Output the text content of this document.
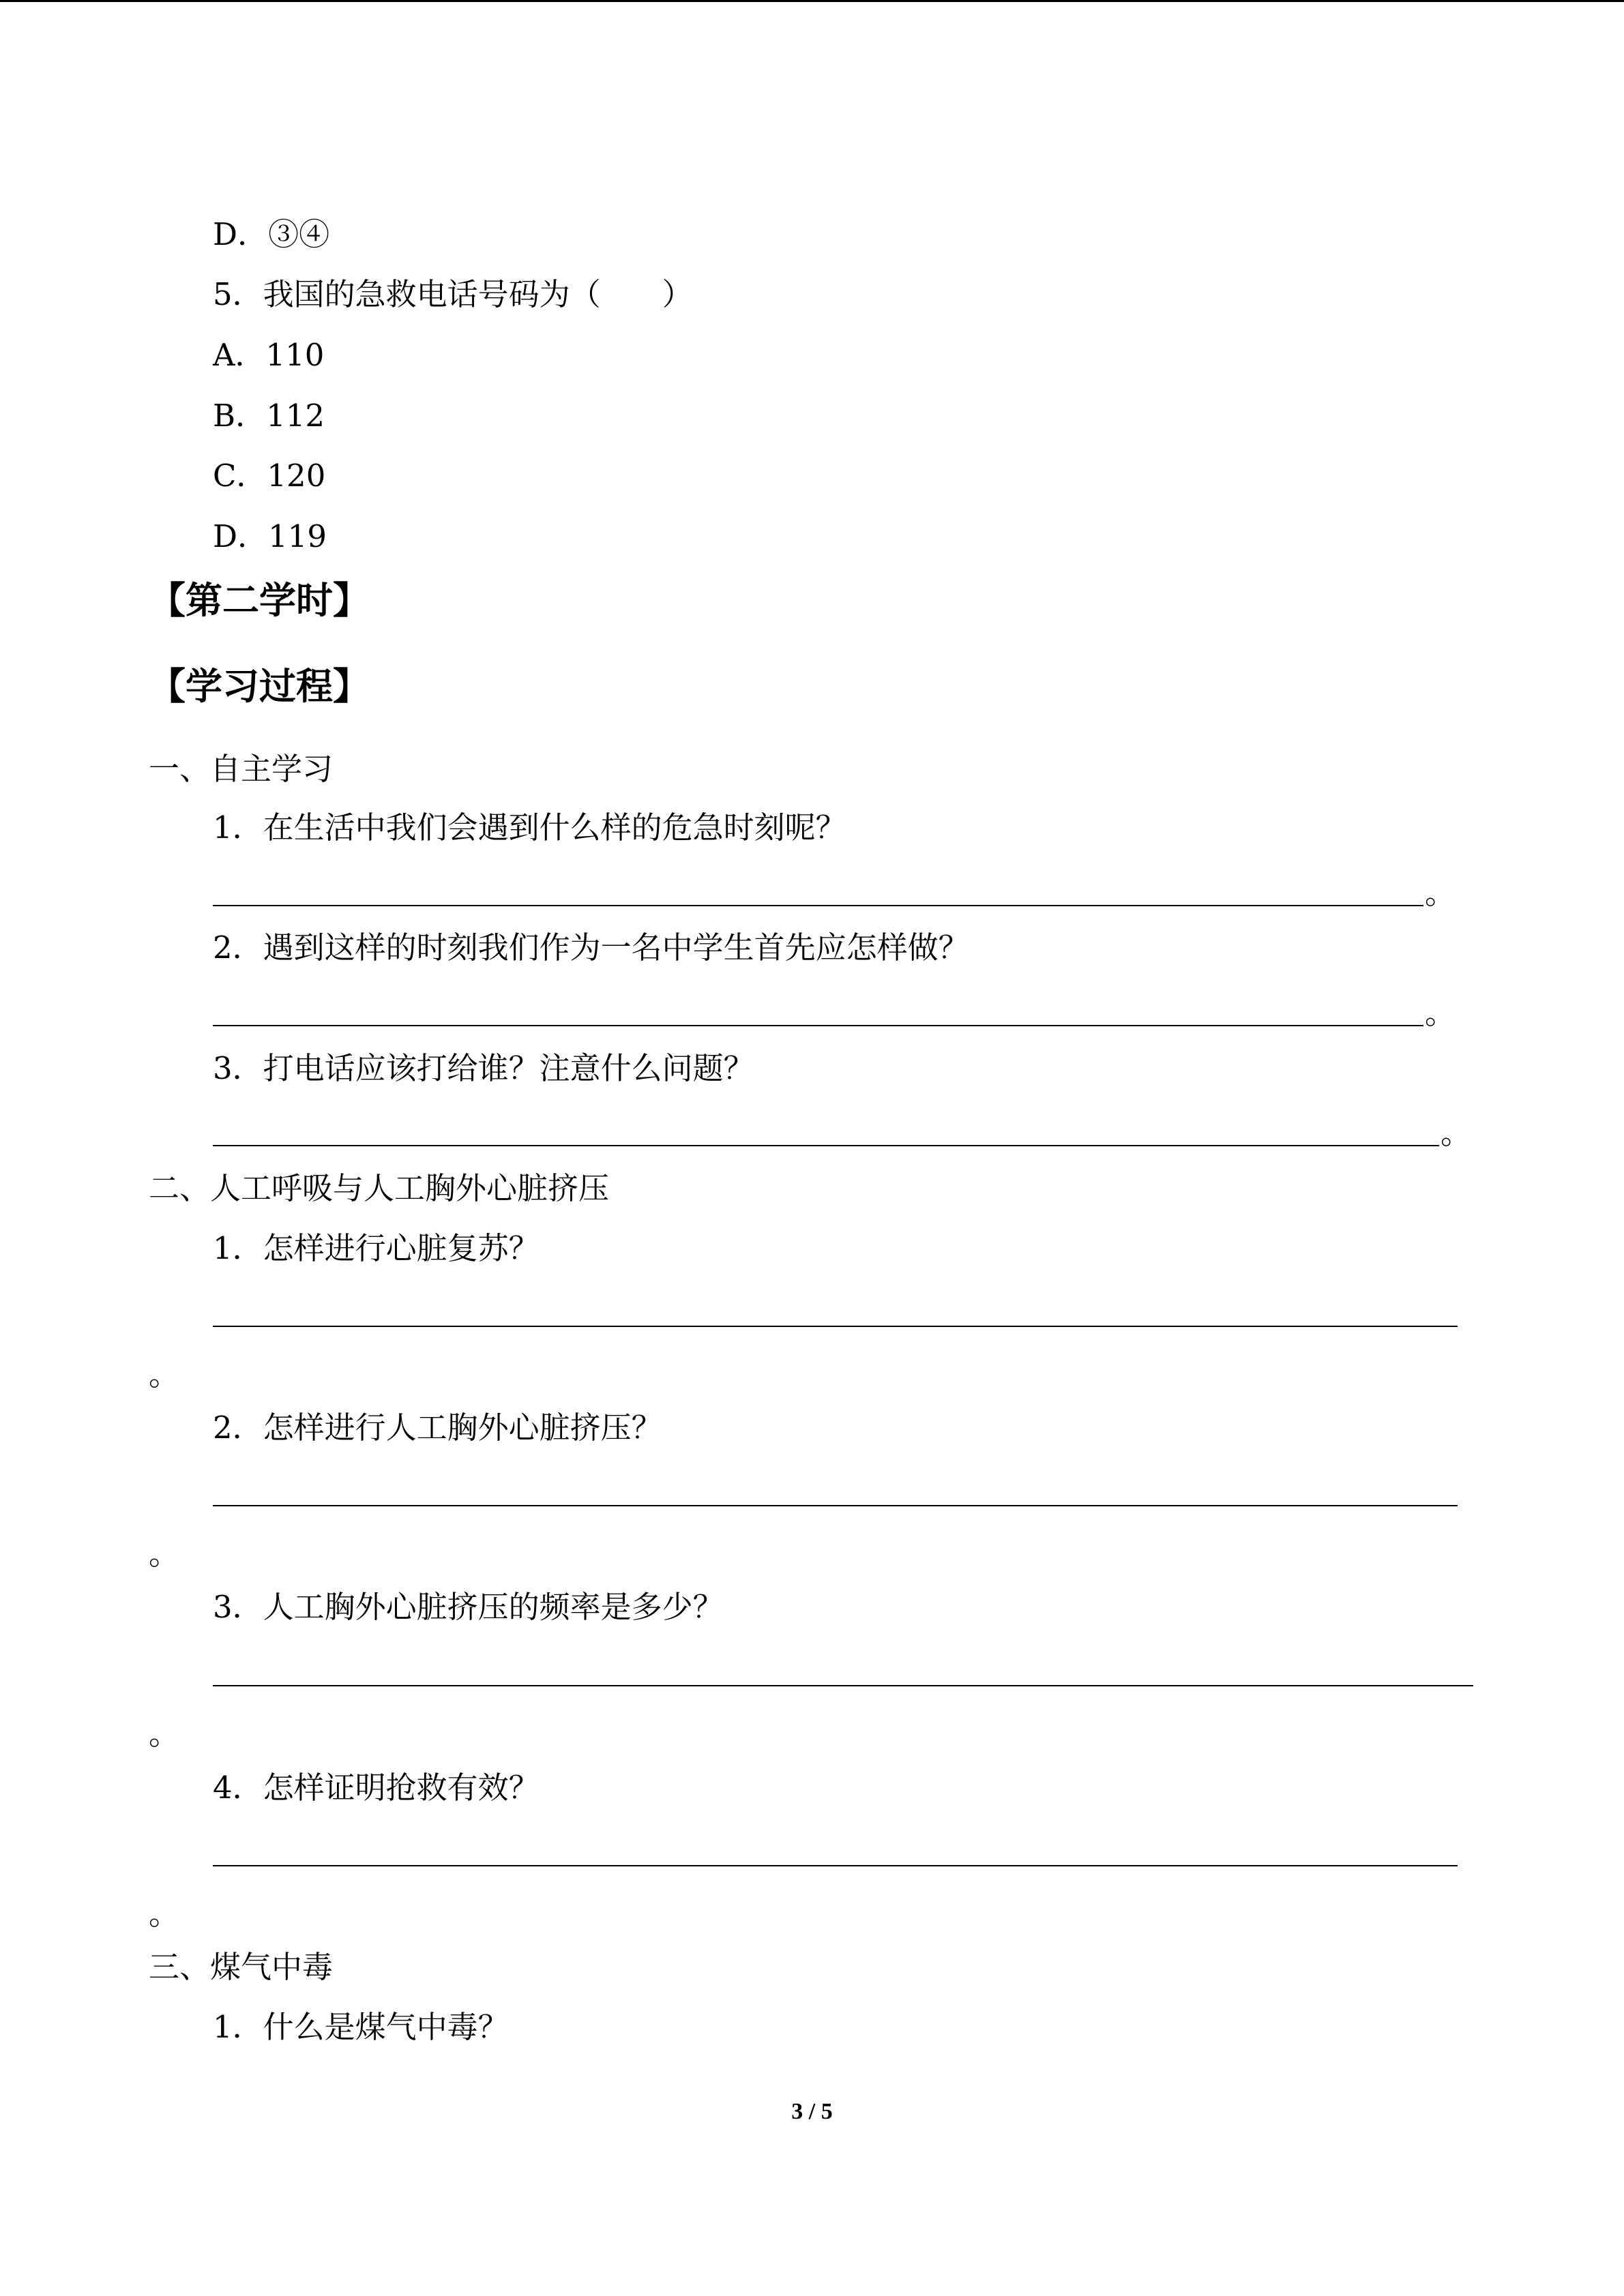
D．③④
5．我国的急救电话号码为（　　）
A．110
B．112
C．120
D．119
【第二学时】
【学习过程】
一、自主学习
1．在生活中我们会遇到什么样的危急时刻呢？
。
2．遇到这样的时刻我们作为一名中学生首先应怎样做？
。
3．打电话应该打给谁？注意什么问题？
。
二、人工呼吸与人工胸外心脏挤压
1．怎样进行心脏复苏？
。
2．怎样进行人工胸外心脏挤压？
。
3．人工胸外心脏挤压的频率是多少？
。
4．怎样证明抢救有效？
。
三、煤气中毒
1．什么是煤气中毒？
3 / 5
